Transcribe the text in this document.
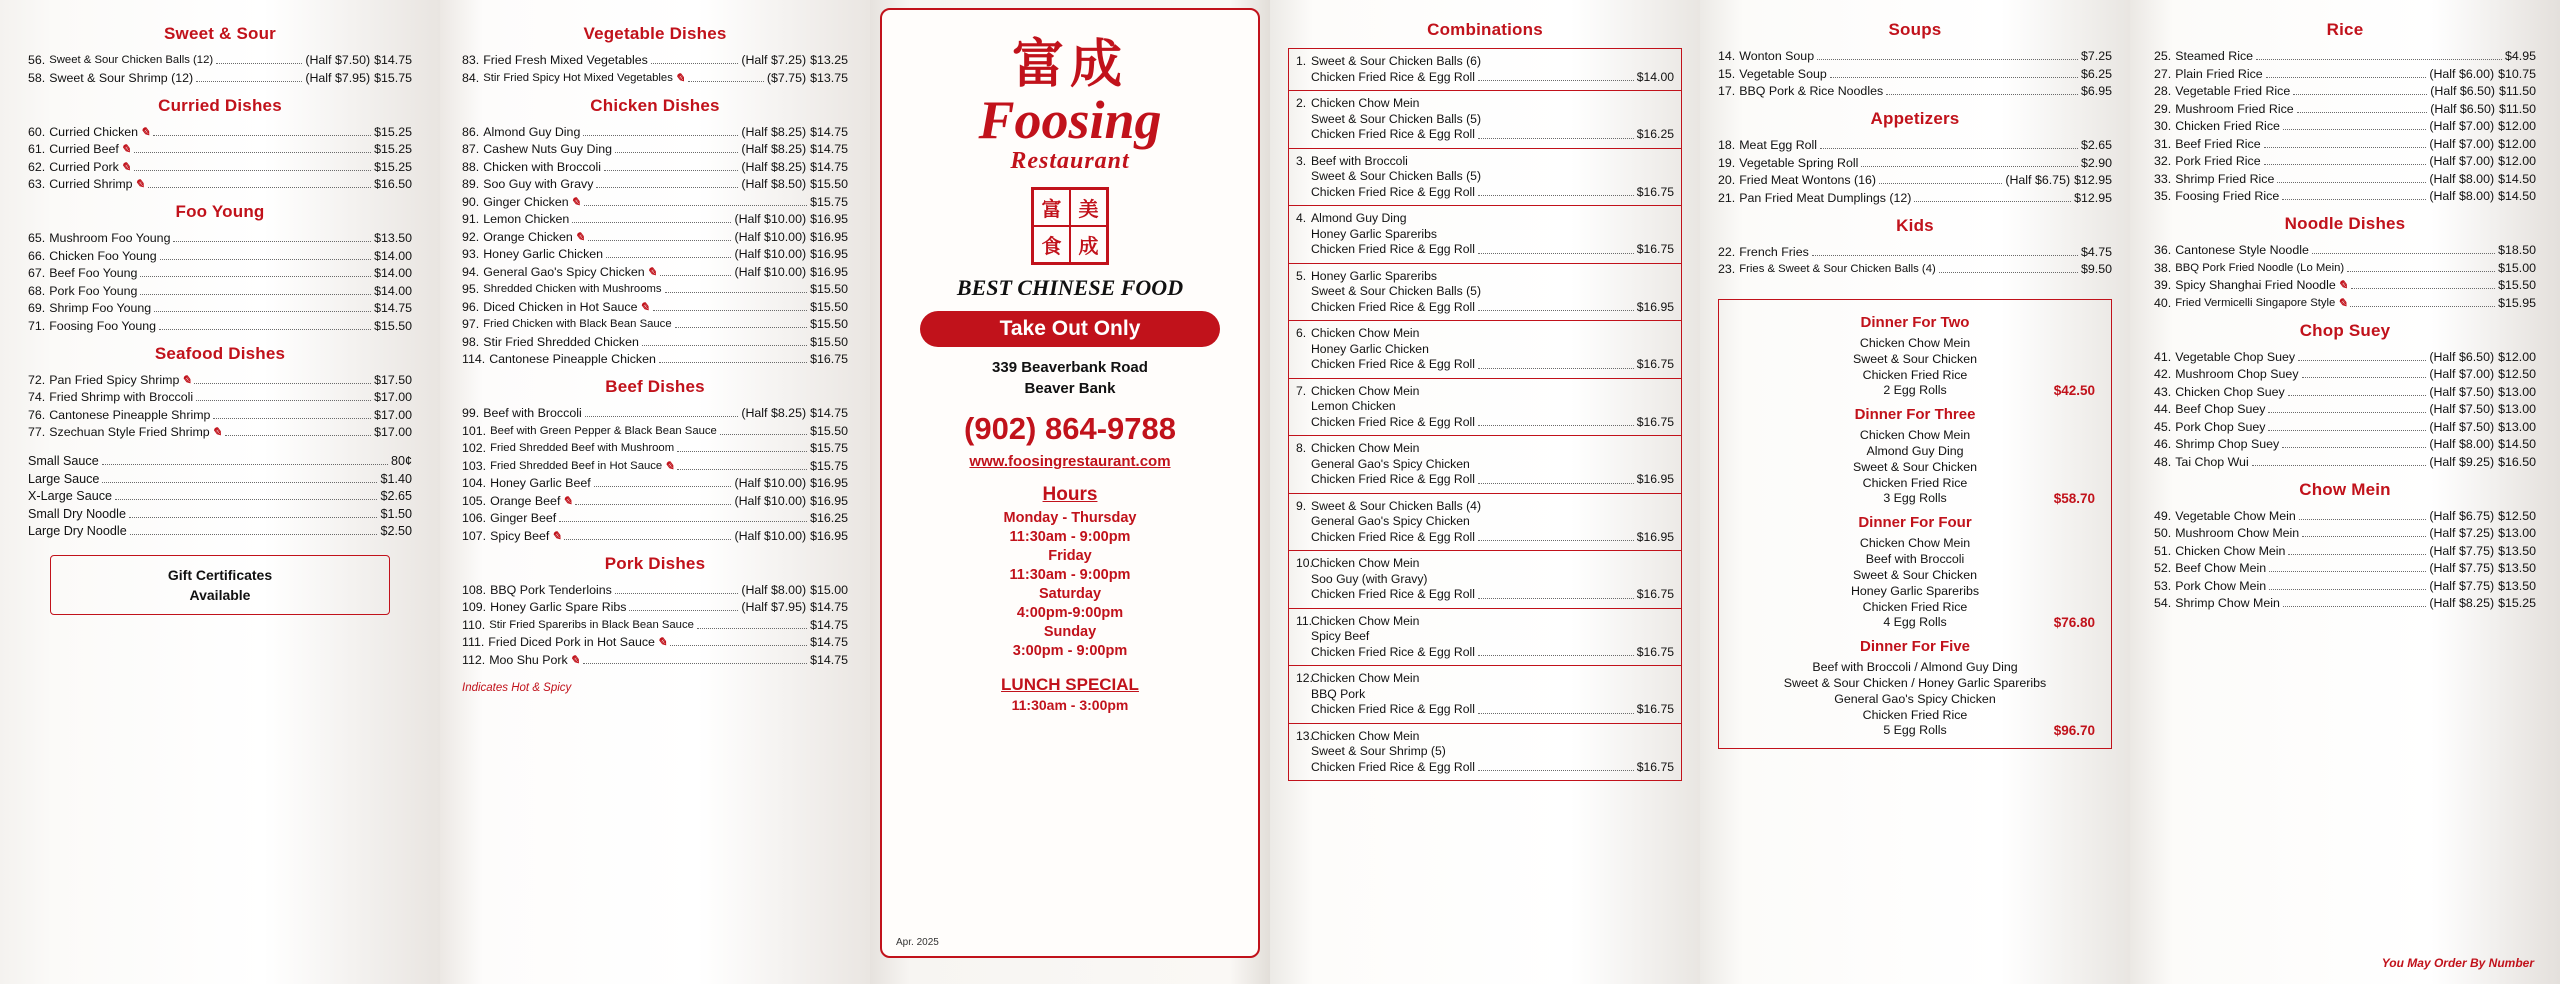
Sweet & Sour
56. Sweet & Sour Chicken Balls (12)	(Half $7.50) $14.75
58. Sweet & Sour Shrimp (12)	(Half $7.95) $15.75
Curried Dishes
60. Curried Chicken ✎	$15.25
61. Curried Beef ✎	$15.25
62. Curried Pork ✎	$15.25
63. Curried Shrimp ✎	$16.50
Foo Young
65. Mushroom Foo Young	$13.50
66. Chicken Foo Young	$14.00
67. Beef Foo Young	$14.00
68. Pork Foo Young	$14.00
69. Shrimp Foo Young	$14.75
71. Foosing Foo Young	$15.50
Seafood Dishes
72. Pan Fried Spicy Shrimp ✎	$17.50
74. Fried Shrimp with Broccoli	$17.00
76. Cantonese Pineapple Shrimp	$17.00
77. Szechuan Style Fried Shrimp ✎	$17.00
Small Sauce	80¢
Large Sauce	$1.40
X-Large Sauce	$2.65
Small Dry Noodle	$1.50
Large Dry Noodle	$2.50
Gift Certificates
Available
Vegetable Dishes
83. Fried Fresh Mixed Vegetables	(Half $7.25) $13.25
84. Stir Fried Spicy Hot Mixed Vegetables ✎	($7.75) $13.75
Chicken Dishes
86. Almond Guy Ding	(Half $8.25) $14.75
87. Cashew Nuts Guy Ding	(Half $8.25) $14.75
88. Chicken with Broccoli	(Half $8.25) $14.75
89. Soo Guy with Gravy	(Half $8.50) $15.50
90. Ginger Chicken ✎	$15.75
91. Lemon Chicken	(Half $10.00) $16.95
92. Orange Chicken ✎	(Half $10.00) $16.95
93. Honey Garlic Chicken	(Half $10.00) $16.95
94. General Gao's Spicy Chicken ✎	(Half $10.00) $16.95
95. Shredded Chicken with Mushrooms	$15.50
96. Diced Chicken in Hot Sauce ✎	$15.50
97. Fried Chicken with Black Bean Sauce	$15.50
98. Stir Fried Shredded Chicken	$15.50
114. Cantonese Pineapple Chicken	$16.75
Beef Dishes
99. Beef with Broccoli	(Half $8.25) $14.75
101. Beef with Green Pepper & Black Bean Sauce	$15.50
102. Fried Shredded Beef with Mushroom	$15.75
103. Fried Shredded Beef in Hot Sauce ✎	$15.75
104. Honey Garlic Beef	(Half $10.00) $16.95
105. Orange Beef ✎	(Half $10.00) $16.95
106. Ginger Beef	$16.25
107. Spicy Beef ✎	(Half $10.00) $16.95
Pork Dishes
108. BBQ Pork Tenderloins	(Half $8.00) $15.00
109. Honey Garlic Spare Ribs	(Half $7.95) $14.75
110. Stir Fried Spareribs in Black Bean Sauce	$14.75
111. Fried Diced Pork in Hot Sauce ✎	$14.75
112. Moo Shu Pork ✎	$14.75
Indicates Hot & Spicy
富成
Foosing
Restaurant
富 美
食 成
BEST CHINESE FOOD
Take Out Only
339 Beaverbank Road
Beaver Bank
(902) 864-9788
www.foosingrestaurant.com
Hours
Monday - Thursday
11:30am - 9:00pm
Friday
11:30am - 9:00pm
Saturday
4:00pm-9:00pm
Sunday
3:00pm - 9:00pm
LUNCH SPECIAL
11:30am - 3:00pm
Apr. 2025
Combinations
1. Sweet & Sour Chicken Balls (6)
Chicken Fried Rice & Egg Roll	$14.00
2. Chicken Chow Mein
Sweet & Sour Chicken Balls (5)
Chicken Fried Rice & Egg Roll	$16.25
3. Beef with Broccoli
Sweet & Sour Chicken Balls (5)
Chicken Fried Rice & Egg Roll	$16.75
4. Almond Guy Ding
Honey Garlic Spareribs
Chicken Fried Rice & Egg Roll	$16.75
5. Honey Garlic Spareribs
Sweet & Sour Chicken Balls (5)
Chicken Fried Rice & Egg Roll	$16.95
6. Chicken Chow Mein
Honey Garlic Chicken
Chicken Fried Rice & Egg Roll	$16.75
7. Chicken Chow Mein
Lemon Chicken
Chicken Fried Rice & Egg Roll	$16.75
8. Chicken Chow Mein
General Gao's Spicy Chicken
Chicken Fried Rice & Egg Roll	$16.95
9. Sweet & Sour Chicken Balls (4)
General Gao's Spicy Chicken
Chicken Fried Rice & Egg Roll	$16.95
10.
Chicken Chow Mein
Soo Guy (with Gravy)
Chicken Fried Rice & Egg Roll	$16.75
11.
Chicken Chow Mein
Spicy Beef
Chicken Fried Rice & Egg Roll	$16.75
12.
Chicken Chow Mein
BBQ Pork
Chicken Fried Rice & Egg Roll	$16.75
13.
Chicken Chow Mein
Sweet & Sour Shrimp (5)
Chicken Fried Rice & Egg Roll	$16.75
Soups
14. Wonton Soup	$7.25
15. Vegetable Soup	$6.25
17. BBQ Pork & Rice Noodles	$6.95
Appetizers
18. Meat Egg Roll	$2.65
19. Vegetable Spring Roll	$2.90
20. Fried Meat Wontons (16)	(Half $6.75) $12.95
21. Pan Fried Meat Dumplings (12)	$12.95
Kids
22. French Fries	$4.75
23. Fries & Sweet & Sour Chicken Balls (4)	$9.50
Dinner For Two
Chicken Chow Mein
Sweet & Sour Chicken
Chicken Fried Rice
2 Egg Rolls	$42.50
Dinner For Three
Chicken Chow Mein
Almond Guy Ding
Sweet & Sour Chicken
Chicken Fried Rice
3 Egg Rolls	$58.70
Dinner For Four
Chicken Chow Mein
Beef with Broccoli
Sweet & Sour Chicken
Honey Garlic Spareribs
Chicken Fried Rice
4 Egg Rolls	$76.80
Dinner For Five
Beef with Broccoli / Almond Guy Ding
Sweet & Sour Chicken / Honey Garlic Spareribs
General Gao's Spicy Chicken
Chicken Fried Rice
5 Egg Rolls	$96.70
Rice
25. Steamed Rice	$4.95
27. Plain Fried Rice	(Half $6.00) $10.75
28. Vegetable Fried Rice	(Half $6.50) $11.50
29. Mushroom Fried Rice	(Half $6.50) $11.50
30. Chicken Fried Rice	(Half $7.00) $12.00
31. Beef Fried Rice	(Half $7.00) $12.00
32. Pork Fried Rice	(Half $7.00) $12.00
33. Shrimp Fried Rice	(Half $8.00) $14.50
35. Foosing Fried Rice	(Half $8.00) $14.50
Noodle Dishes
36. Cantonese Style Noodle	$18.50
38. BBQ Pork Fried Noodle (Lo Mein)	$15.00
39. Spicy Shanghai Fried Noodle ✎	$15.50
40. Fried Vermicelli Singapore Style ✎	$15.95
Chop Suey
41. Vegetable Chop Suey	(Half $6.50) $12.00
42. Mushroom Chop Suey	(Half $7.00) $12.50
43. Chicken Chop Suey	(Half $7.50) $13.00
44. Beef Chop Suey	(Half $7.50) $13.00
45. Pork Chop Suey	(Half $7.50) $13.00
46. Shrimp Chop Suey	(Half $8.00) $14.50
48. Tai Chop Wui	(Half $9.25) $16.50
Chow Mein
49. Vegetable Chow Mein	(Half $6.75) $12.50
50. Mushroom Chow Mein	(Half $7.25) $13.00
51. Chicken Chow Mein	(Half $7.75) $13.50
52. Beef Chow Mein	(Half $7.75) $13.50
53. Pork Chow Mein	(Half $7.75) $13.50
54. Shrimp Chow Mein	(Half $8.25) $15.25
You May Order By Number
